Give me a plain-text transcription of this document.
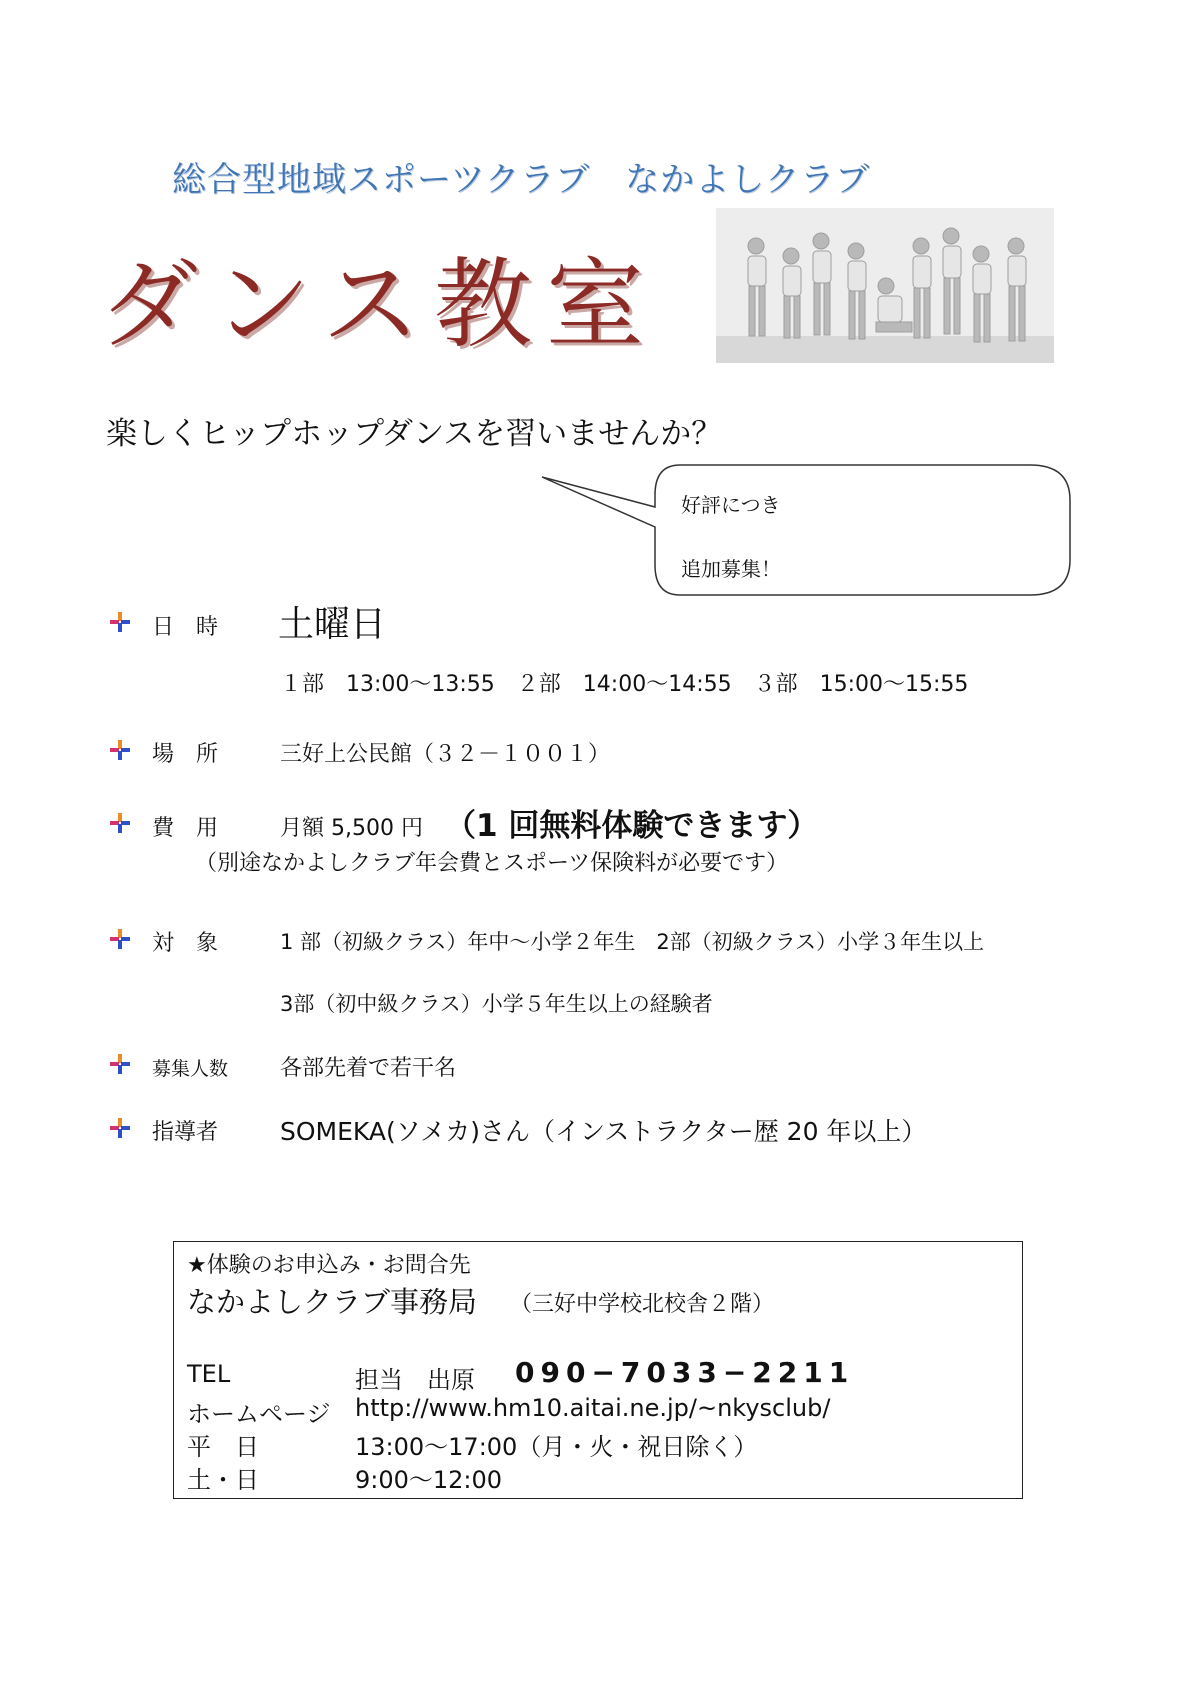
総合型地域スポーツクラブ　なかよしクラブ
ダンス教室
楽しくヒップホップダンスを習いませんか？
好評につき
追加募集！
日　時 土曜日
１部　13:00～13:55　２部　14:00～14:55　３部　15:00～15:55
場　所	三好上公民館（３２－１００１）
費　用	月額 5,500 円 （1 回無料体験できます）
（別途なかよしクラブ年会費とスポーツ保険料が必要です）
対　象	1 部（初級クラス）年中～小学２年生　2部（初級クラス）小学３年生以上
3部（初中級クラス）小学５年生以上の経験者
募集人数 各部先着で若干名
指導者 SOMEKA(ソメカ)さん（インストラクター歴 20 年以上）
★体験のお申込み・お問合先
なかよしクラブ事務局 （三好中学校北校舎２階）
TEL	担当　出原 090−7033−2211
ホームページ http://www.hm10.aitai.ne.jp/~nkysclub/
平　日	13:00～17:00（月・火・祝日除く）
土・日	9:00～12:00
